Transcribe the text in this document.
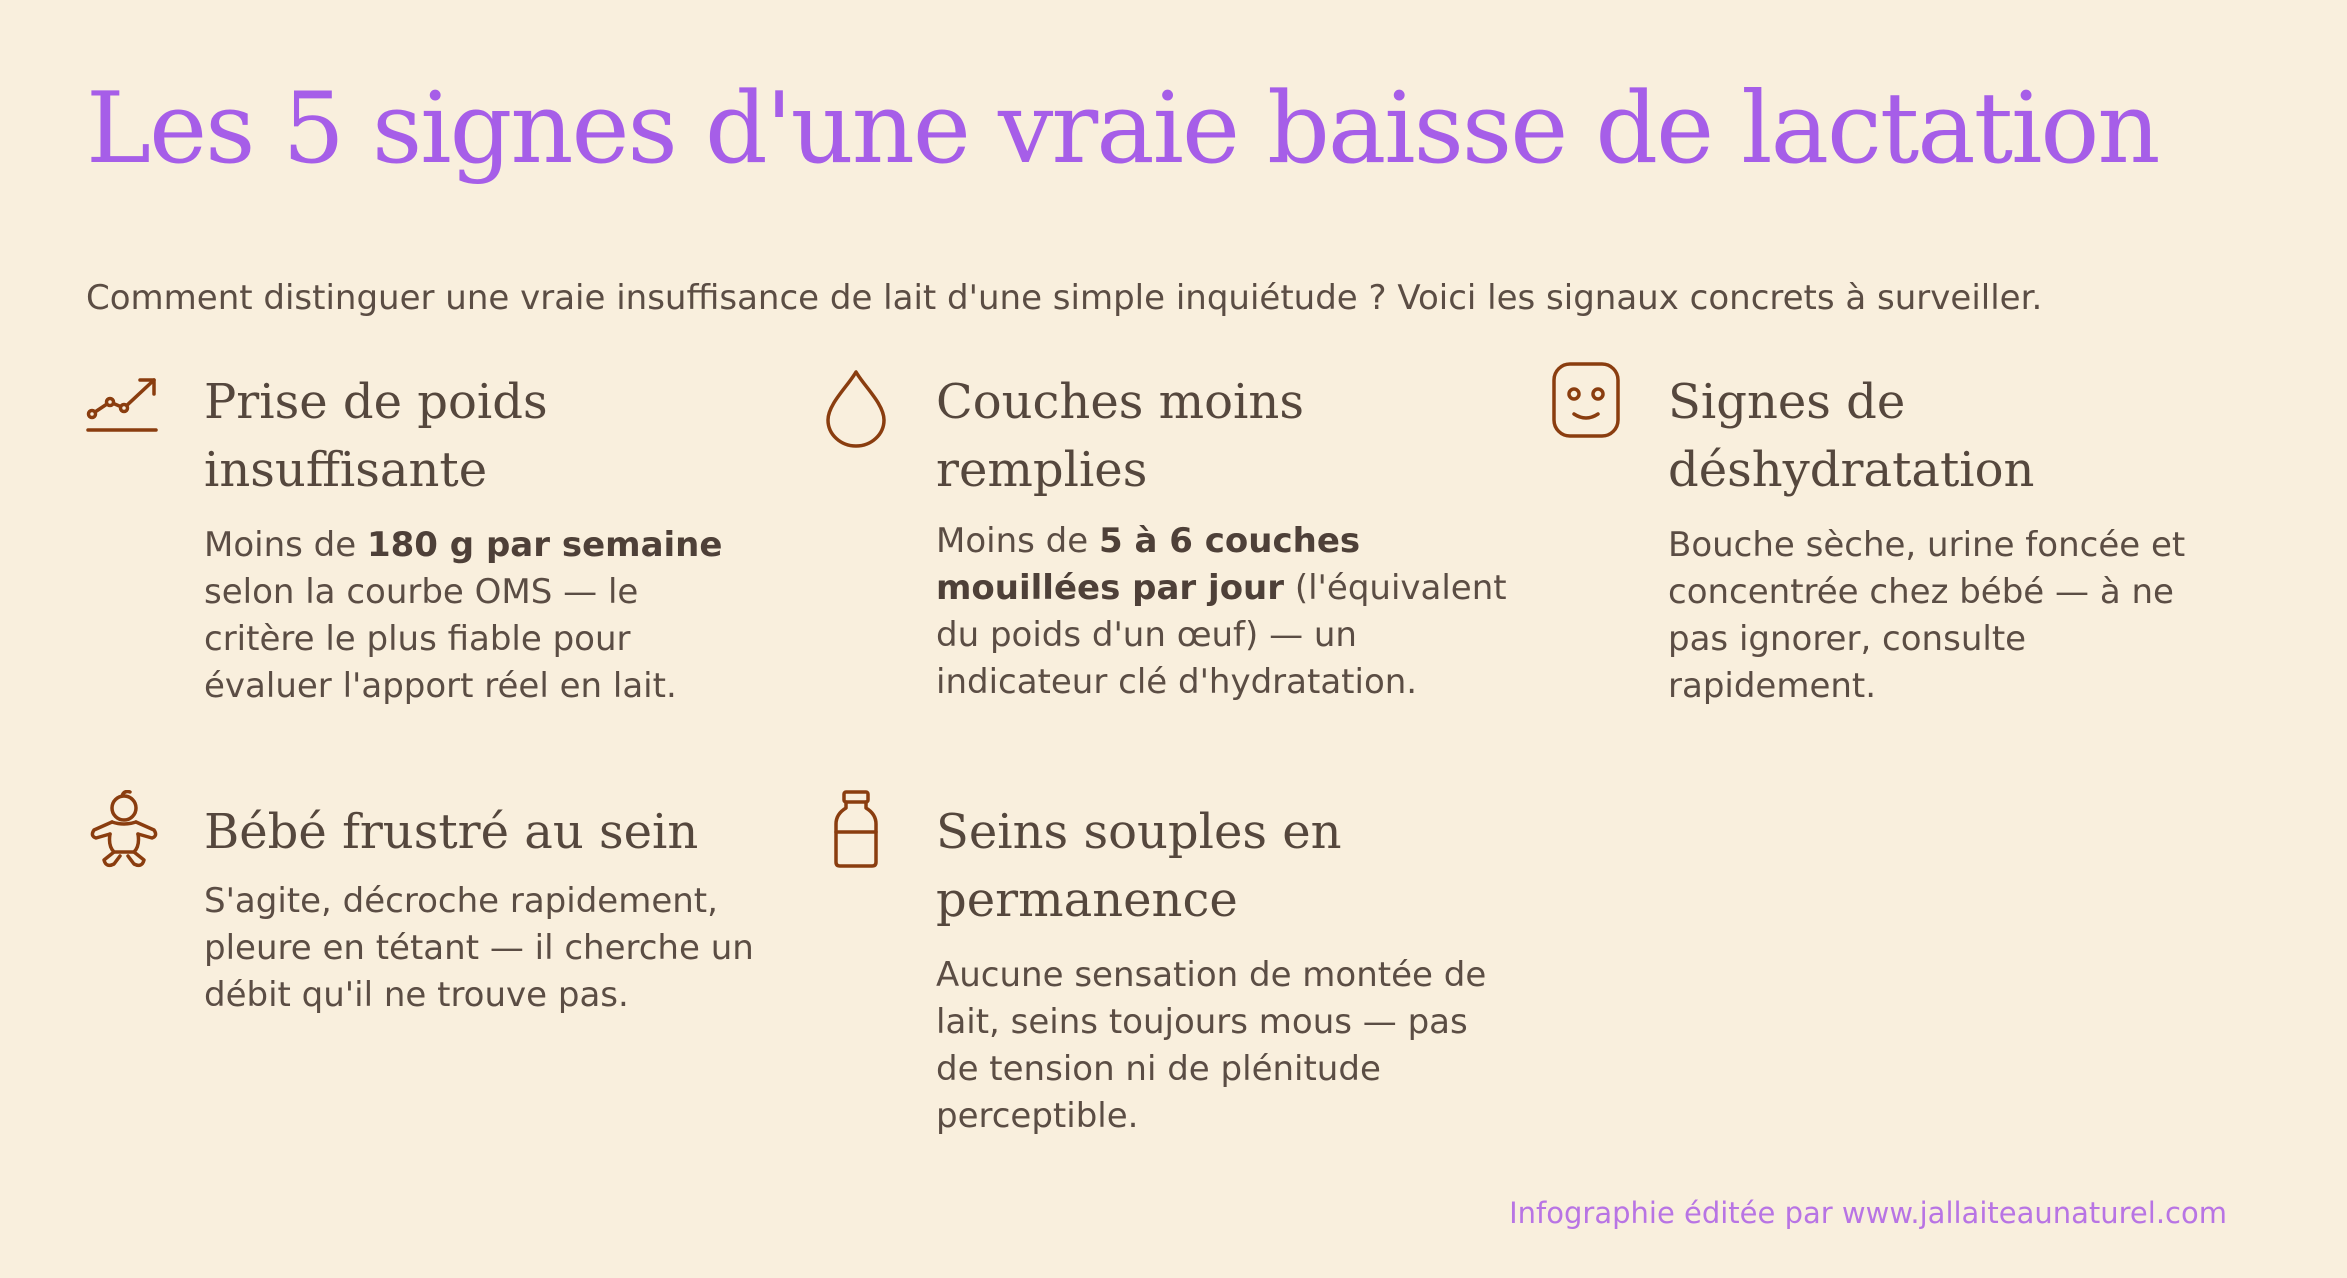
Les 5 signes d'une vraie baisse de lactation

Comment distinguer une vraie insuffisance de lait d'une simple inquiétude ? Voici les signaux concrets à surveiller.

Prise de poids insuffisante

Moins de 180 g par semaine selon la courbe OMS — le critère le plus fiable pour évaluer l'apport réel en lait.

Couches moins remplies

Moins de 5 à 6 couches mouillées par jour (l'équivalent du poids d'un œuf) — un indicateur clé d'hydratation.

Signes de déshydratation

Bouche sèche, urine foncée et concentrée chez bébé — à ne pas ignorer, consulte rapidement.

Bébé frustré au sein

S'agite, décroche rapidement, pleure en tétant — il cherche un débit qu'il ne trouve pas.

Seins souples en permanence

Aucune sensation de montée de lait, seins toujours mous — pas de tension ni de plénitude perceptible.

Infographie éditée par www.jallaiteaunaturel.com
